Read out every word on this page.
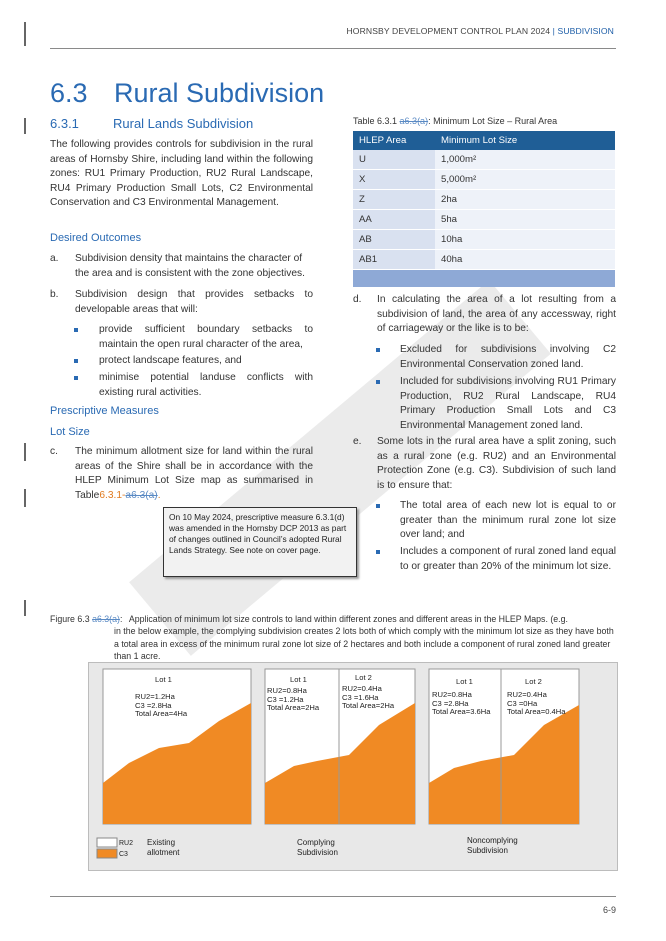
HORNSBY DEVELOPMENT CONTROL PLAN 2024 | SUBDIVISION
6.3 Rural Subdivision
6.3.1	Rural Lands Subdivision
The following provides controls for subdivision in the rural areas of Hornsby Shire, including land within the following zones: RU1 Primary Production, RU2 Rural Landscape, RU4 Primary Production Small Lots, C2 Environmental Conservation and C3 Environmental Management.
Desired Outcomes
a. Subdivision density that maintains the character of the area and is consistent with the zone objectives.
b. Subdivision design that provides setbacks to developable areas that will:
provide sufficient boundary setbacks to maintain the open rural character of the area,
protect landscape features, and
minimise potential landuse conflicts with existing rural activities.
Prescriptive Measures
Lot Size
c. The minimum allotment size for land within the rural areas of the Shire shall be in accordance with the HLEP Minimum Lot Size map as summarised in Table6.3.1-a6.3(a).
On 10 May 2024, prescriptive measure 6.3.1(d) was amended in the Hornsby DCP 2013 as part of changes outlined in Council’s adopted Rural Lands Strategy. See note on cover page.
Table 6.3.1 a6.3(a): Minimum Lot Size – Rural Area
HLEP Area	Minimum Lot Size
U	1,000m²
X	5,000m²
Z	2ha
AA	5ha
AB	10ha
AB1	40ha
d. In calculating the area of a lot resulting from a subdivision of land, the area of any accessway, right of carriageway or the like is to be:
Excluded for subdivisions involving C2 Environmental Conservation zoned land.
Included for subdivisions involving RU1 Primary Production, RU2 Rural Landscape, RU4 Primary Production Small Lots and C3 Environmental Management zoned land.
e. Some lots in the rural area have a split zoning, such as a rural zone (e.g. RU2) and an Environmental Protection Zone (e.g. C3). Subdivision of such land is to ensure that:
The total area of each new lot is equal to or greater than the minimum rural zone lot size over land; and
Includes a component of rural zoned land equal to or greater than 20% of the minimum lot size.
Figure 6.3 a6.3(a): Application of minimum lot size controls to land within different zones and different areas in the HLEP Maps. (e.g.
in the below example, the complying subdivision creates 2 lots both of which comply with the minimum lot size as they have both a total area in excess of the minimum rural zone lot size of 2 hectares and both include a component of rural zoned land greater than 1 acre.
Lot 1
RU2=1.2Ha
C3 =2.8Ha
Total Area=4Ha
Lot 1
RU2=0.8Ha
C3 =1.2Ha
Total Area=2Ha
Lot 2
RU2=0.4Ha
C3 =1.6Ha
Total Area=2Ha
Lot 1
RU2=0.8Ha
C3 =2.8Ha
Total Area=3.6Ha
Lot 2
RU2=0.4Ha
C3 =0Ha
Total Area=0.4Ha
RU2
C3
Existing
allotment
Complying
Subdivision
Noncomplying
Subdivision
6-9
